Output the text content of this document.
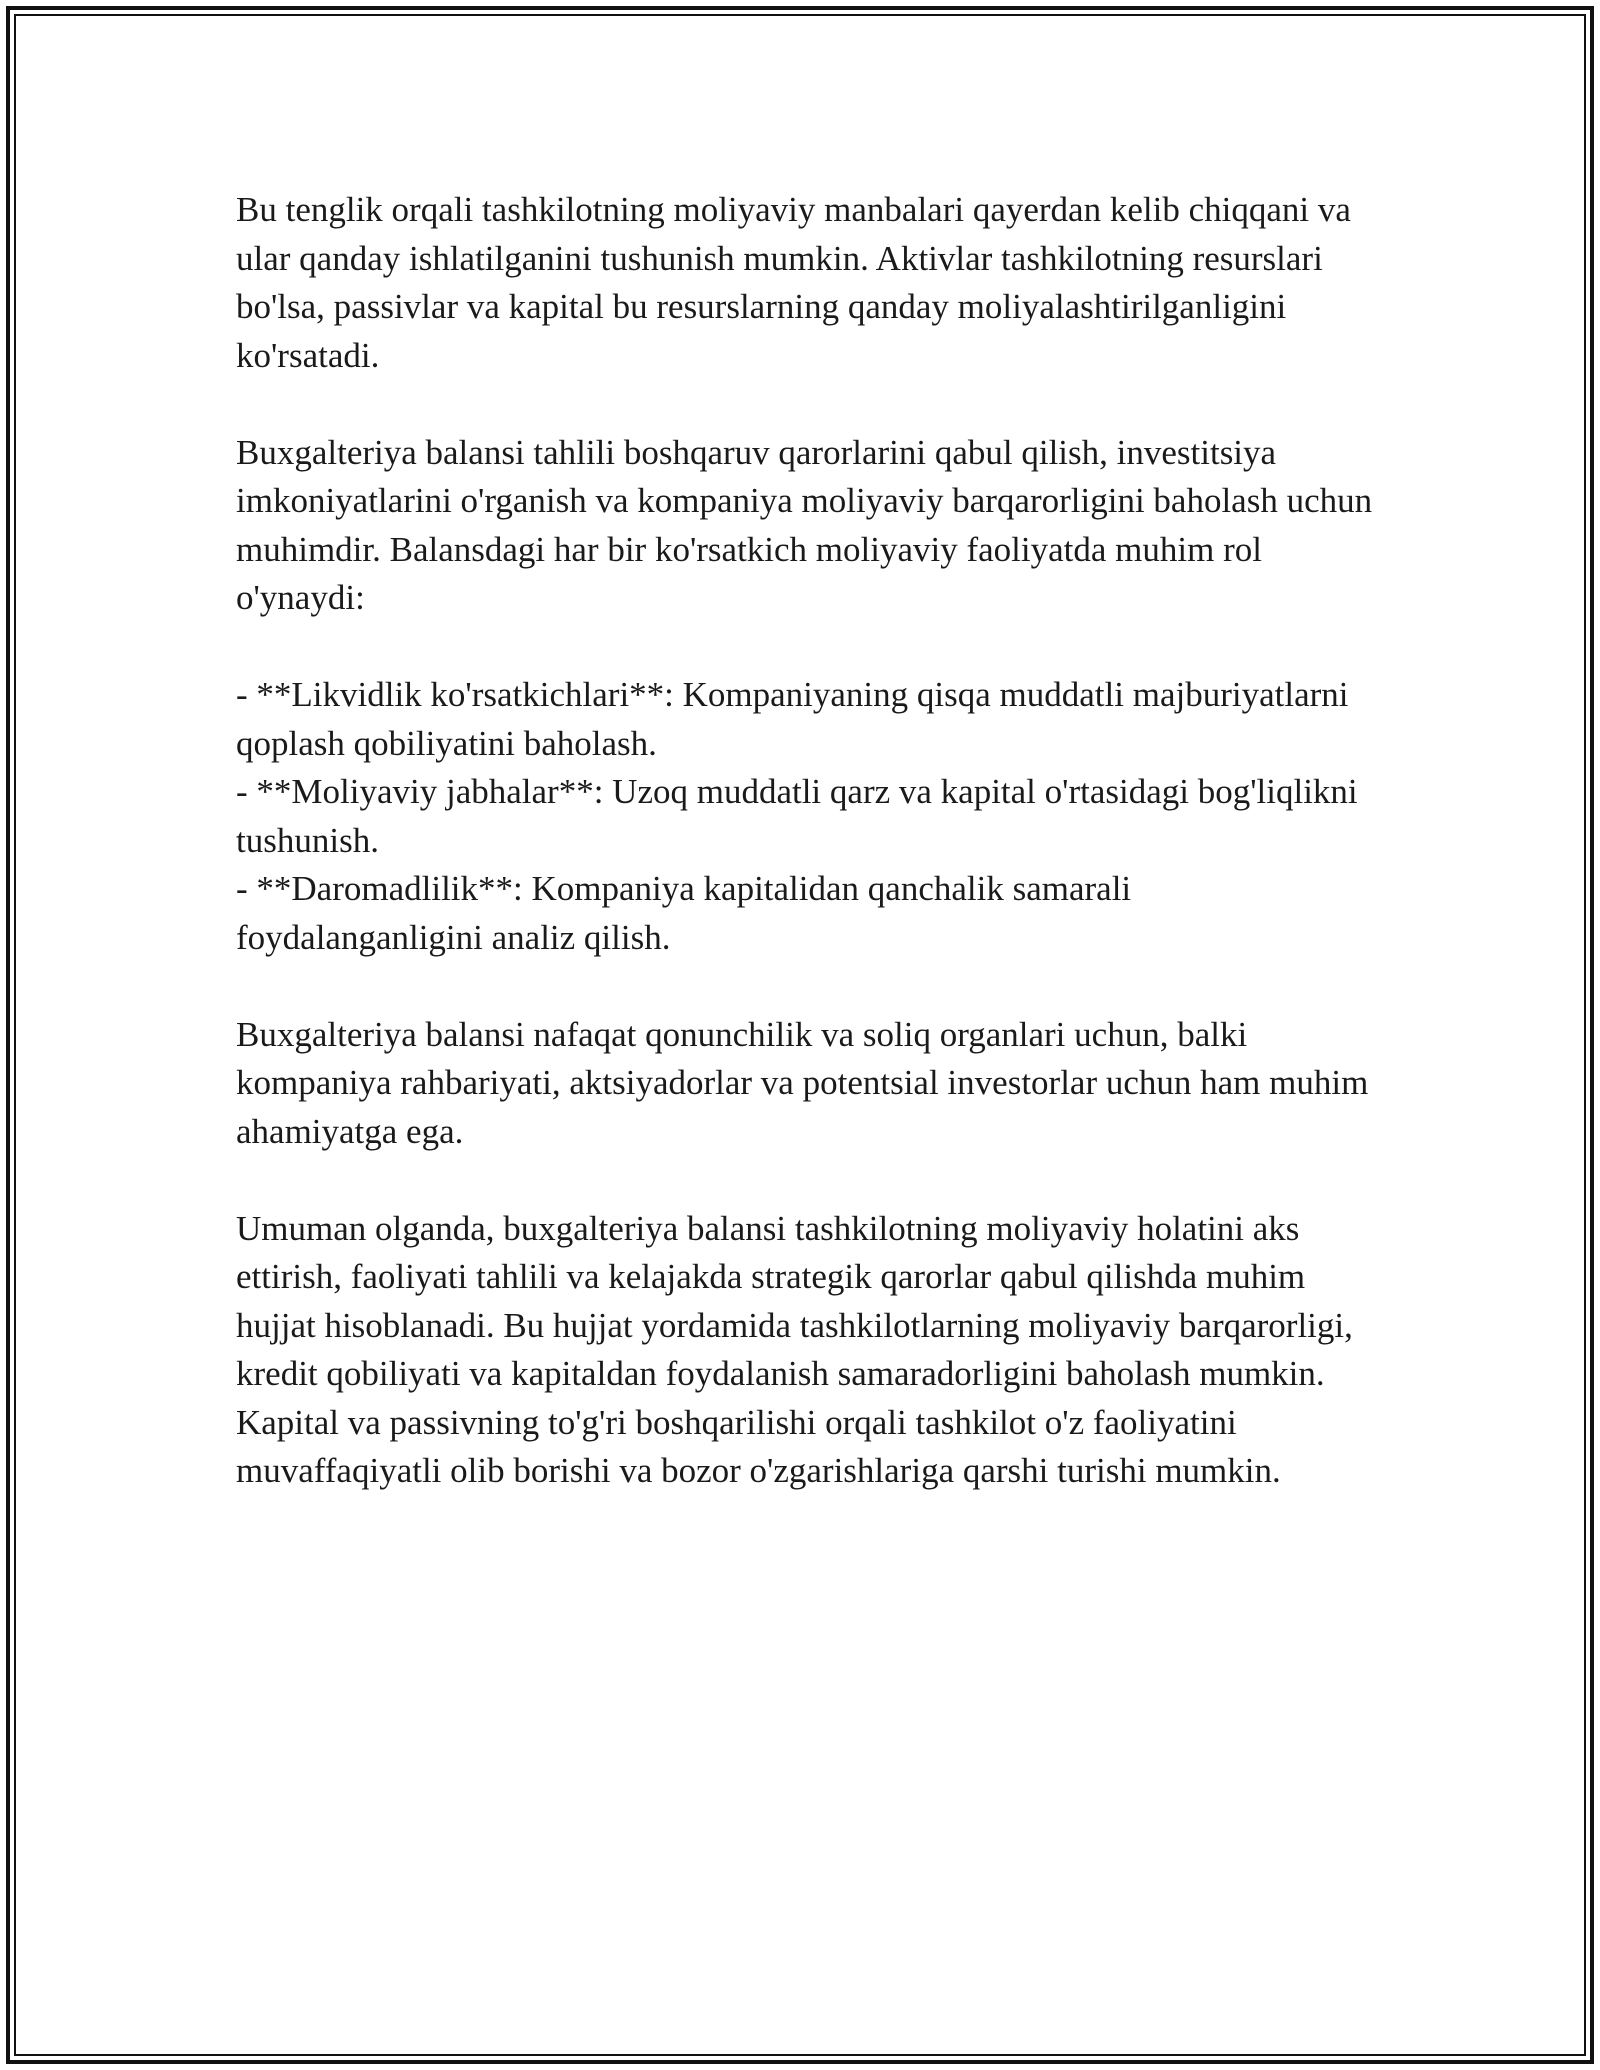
Bu tenglik orqali tashkilotning moliyaviy manbalari qayerdan kelib chiqqani va ular qanday ishlatilganini tushunish mumkin. Aktivlar tashkilotning resurslari bo'lsa, passivlar va kapital bu resurslarning qanday moliyalashtirilganligini ko'rsatadi.

Buxgalteriya balansi tahlili boshqaruv qarorlarini qabul qilish, investitsiya imkoniyatlarini o'rganish va kompaniya moliyaviy barqarorligini baholash uchun muhimdir. Balansdagi har bir ko'rsatkich moliyaviy faoliyatda muhim rol o'ynaydi:

- **Likvidlik ko'rsatkichlari**: Kompaniyaning qisqa muddatli majburiyatlarni qoplash qobiliyatini baholash.
- **Moliyaviy jabhalar**: Uzoq muddatli qarz va kapital o'rtasidagi bog'liqlikni tushunish.
- **Daromadlilik**: Kompaniya kapitalidan qanchalik samarali foydalanganligini analiz qilish.

Buxgalteriya balansi nafaqat qonunchilik va soliq organlari uchun, balki kompaniya rahbariyati, aktsiyadorlar va potentsial investorlar uchun ham muhim ahamiyatga ega.

Umuman olganda, buxgalteriya balansi tashkilotning moliyaviy holatini aks ettirish, faoliyati tahlili va kelajakda strategik qarorlar qabul qilishda muhim hujjat hisoblanadi. Bu hujjat yordamida tashkilotlarning moliyaviy barqarorligi, kredit qobiliyati va kapitaldan foydalanish samaradorligini baholash mumkin. Kapital va passivning to'g'ri boshqarilishi orqali tashkilot o'z faoliyatini muvaffaqiyatli olib borishi va bozor o'zgarishlariga qarshi turishi mumkin.
